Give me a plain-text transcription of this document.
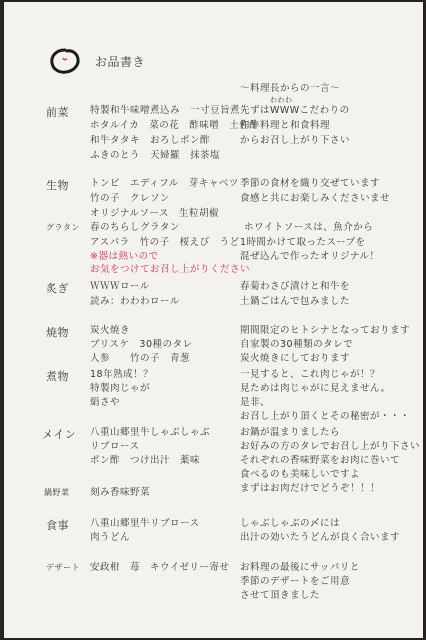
お品書き
～料理長からの一言～
わわわ
前菜 特製和牛味噌煮込み　一寸豆旨煮
ホタルイカ　菜の花　酢味噌　土佐酢
和牛タタキ　おろしポン酢
ふきのとう　天婦羅　抹茶塩
先ずはWWWこだわりの
和牛料理と和食料理
からお召し上がり下さい
生物 トンビ　エディフル　芽キャベツ
竹の子　クレソン
オリジナルソース　生粒胡椒
季節の食材を織り交ぜています
食感と共にお楽しみくださいませ
グラタン 春のちらしグラタン
アスパラ　竹の子　桜えび　うど
※器は熱いので
お気をつけてお召し上がりください
ホワイトソースは、魚介から
1時間かけて取ったスープを
混ぜ込んで作ったオリジナル！
炙ぎ ＷＷＷロール
読み：わわわロール
春菊わさび漬けと和牛を
土鍋ごはんで包みました
焼物 炭火焼き
ブリスケ　30種のタレ
人参　　竹の子　青葱
期間限定のヒトシナとなっております
自家製の30種類のタレで
炭火焼きにしております
煮物 18年熟成！？
特製肉じゃが
絹さや
一見すると、これ肉じゃが！？
見ためは肉じゃがに見えません。
是非、
お召し上がり頂くとその秘密が・・・
メイン 八重山郷里牛しゃぶしゃぶ
リブロース
ポン酢　つけ出汁　薬味
お鍋が温まりましたら
お好みの方のタレでお召し上がり下さい
それぞれの香味野菜をお肉に巻いて
食べるのも美味しいですよ
まずはお肉だけでどうぞ！！！
鍋野菜 刻み香味野菜
食事 八重山郷里牛リブロース
肉うどん
しゃぶしゃぶの〆には
出汁の効いたうどんが良く合います
デザート 安政柑　苺　キウイゼリー寄せ お料理の最後にサッパリと
季節のデザートをご用意
させて頂きました
